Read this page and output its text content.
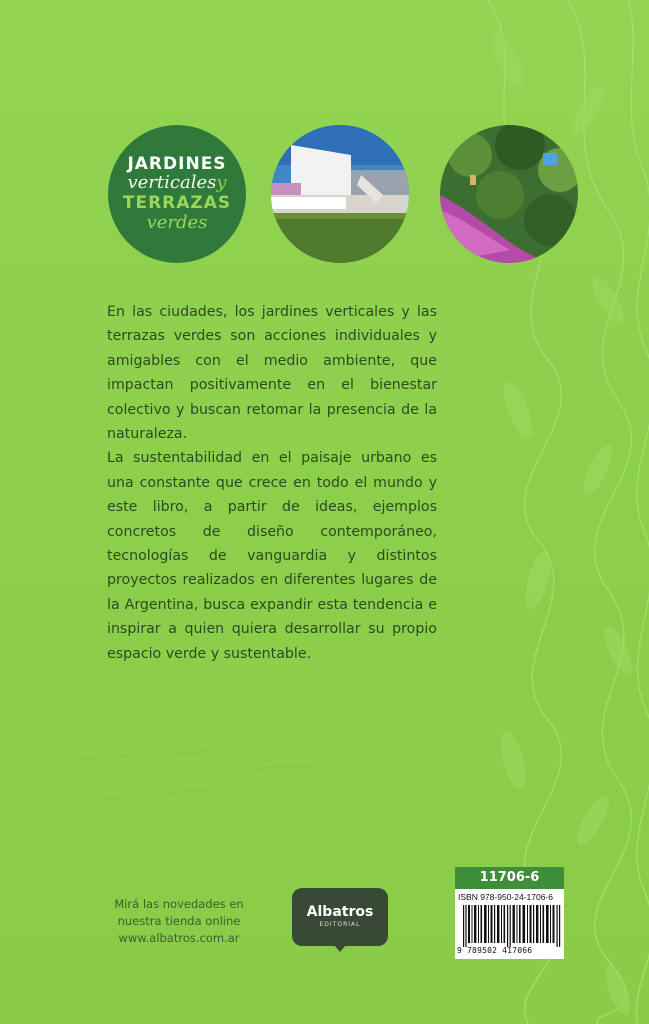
JARDINES
verticalesy
TERRAZAS
verdes

En las ciudades, los jardines verticales y las terrazas verdes son acciones individuales y amigables con el medio ambiente, que impactan positivamente en el bienestar colectivo y buscan retomar la presencia de la naturaleza.

La sustentabilidad en el paisaje urbano es una constante que crece en todo el mundo y este libro, a partir de ideas, ejemplos concretos de diseño contemporáneo, tecnologías de vanguardia y distintos proyectos realizados en diferentes lugares de la Argentina, busca expandir esta tendencia e inspirar a quien quiera desarrollar su propio espacio verde y sustentable.

Mirá las novedades en
nuestra tienda online
www.albatros.com.ar
Albatros
EDITORIAL
11706-6
ISBN 978-950-24-1706-6
9 789502 417066
